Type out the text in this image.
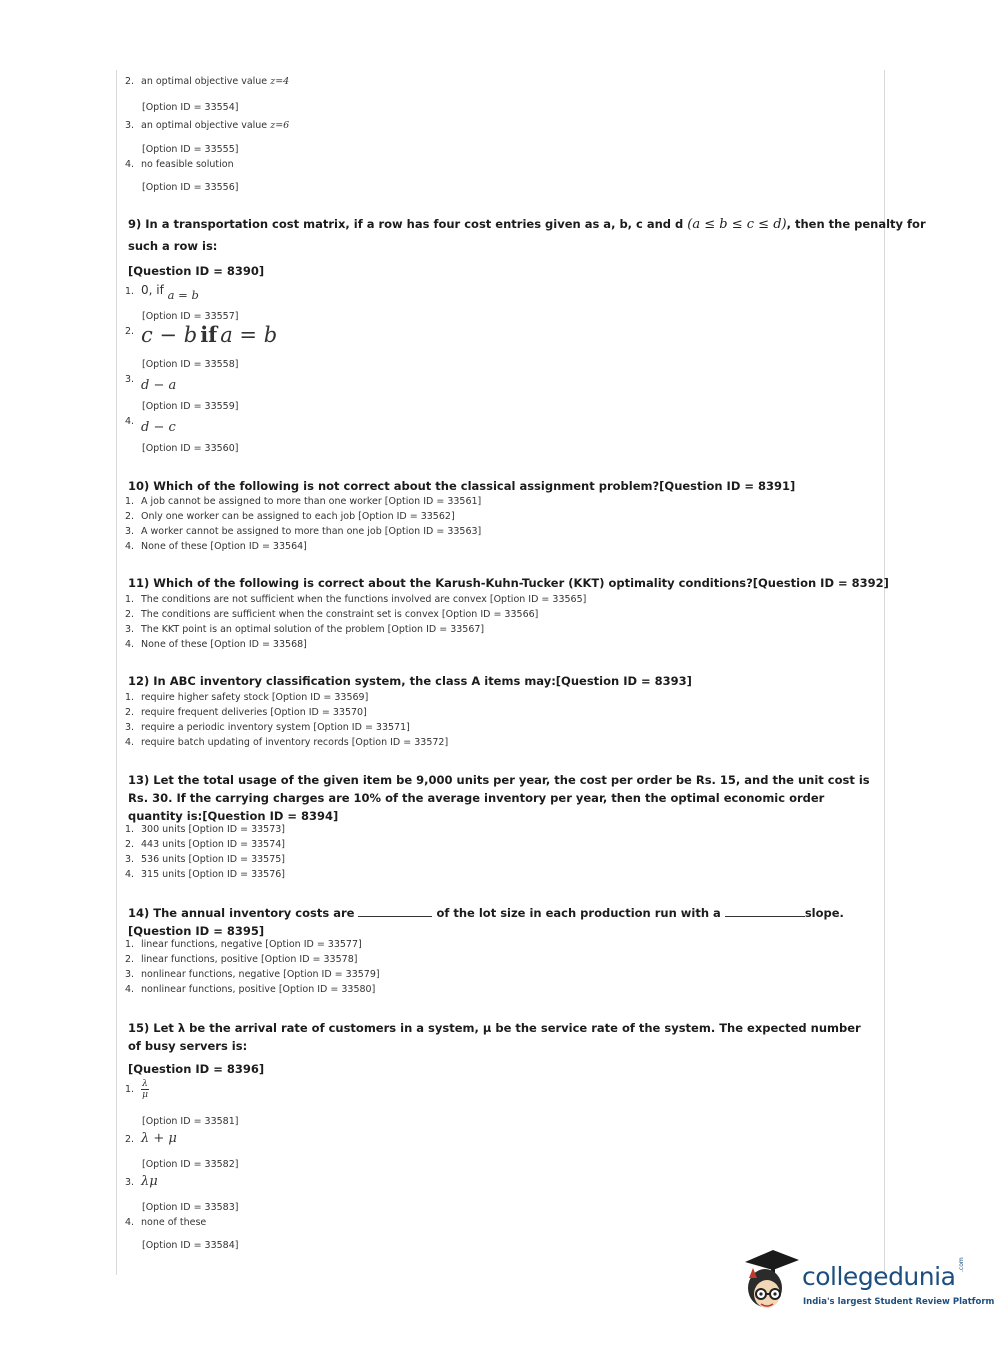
2. an optimal objective value z=4
[Option ID = 33554]
3. an optimal objective value z=6
[Option ID = 33555]
4. no feasible solution
[Option ID = 33556]
9) In a transportation cost matrix, if a row has four cost entries given as a, b, c and d (a ≤ b ≤ c ≤ d), then the penalty for
such a row is:
[Question ID = 8390]
1. 0, if a = b
[Option ID = 33557]
2. c − b if a = b
[Option ID = 33558]
3. d − a
[Option ID = 33559]
4. d − c
[Option ID = 33560]
10) Which of the following is not correct about the classical assignment problem?[Question ID = 8391]
1. A job cannot be assigned to more than one worker [Option ID = 33561]
2. Only one worker can be assigned to each job [Option ID = 33562]
3. A worker cannot be assigned to more than one job [Option ID = 33563]
4. None of these [Option ID = 33564]
11) Which of the following is correct about the Karush-Kuhn-Tucker (KKT) optimality conditions?[Question ID = 8392]
1. The conditions are not sufficient when the functions involved are convex [Option ID = 33565]
2. The conditions are sufficient when the constraint set is convex [Option ID = 33566]
3. The KKT point is an optimal solution of the problem [Option ID = 33567]
4. None of these [Option ID = 33568]
12) In ABC inventory classification system, the class A items may:[Question ID = 8393]
1. require higher safety stock [Option ID = 33569]
2. require frequent deliveries [Option ID = 33570]
3. require a periodic inventory system [Option ID = 33571]
4. require batch updating of inventory records [Option ID = 33572]
13) Let the total usage of the given item be 9,000 units per year, the cost per order be Rs. 15, and the unit cost is Rs. 30. If the carrying charges are 10% of the average inventory per year, then the optimal economic order quantity is:[Question ID = 8394]
1. 300 units [Option ID = 33573]
2. 443 units [Option ID = 33574]
3. 536 units [Option ID = 33575]
4. 315 units [Option ID = 33576]
14) The annual inventory costs are	of the lot size in each production run with a	slope.[Question ID = 8395]
1. linear functions, negative [Option ID = 33577]
2. linear functions, positive [Option ID = 33578]
3. nonlinear functions, negative [Option ID = 33579]
4. nonlinear functions, positive [Option ID = 33580]
15) Let λ be the arrival rate of customers in a system, μ be the service rate of the system. The expected number of busy servers is:
[Question ID = 8396]
1. $\frac{\lambda}{\mu}$
[Option ID = 33581]
2. λ + μ
[Option ID = 33582]
3. λμ
[Option ID = 33583]
4. none of these
[Option ID = 33584]
collegedunia .com
India's largest Student Review Platform
